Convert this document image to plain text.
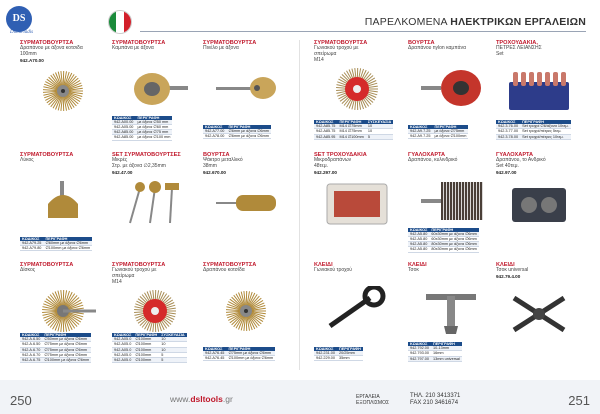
DS
Dimitriadis
ΠΑΡΕΛΚΟΜΕΝΑ ΗΛΕΚΤΡΙΚΩΝ ΕΡΓΑΛΕΙΩΝ
ΣΥΡΜΑΤΟΒΟΥΡΤΣΑ
Δραπάνου με άξονα κοτσιδα
100mm
942.A70.00
ΣΥΡΜΑΤΟΒΟΥΡΤΣΑ
Καμπάνα με άξονα
ΚΩΔΙΚΟΣ	ΠΕΡΙΓΡΑΦΗ
942.A00.00	με άξονα ∅50 mm
942.A05.00	με άξονα ∅60 mm
942.A85.00	με άξονα ∅75 mm
942.A85.00	με άξονα ∅100 mm
ΣΥΡΜΑΤΟΒΟΥΡΤΣΑ
Πινέλο με άξονα
ΚΩΔΙΚΟΣ	ΠΕΡΙΓΡΑΦΗ
942.A77.00	∅6mm με άξονα ∅6mm
942.A78.00	∅6mm με άξονα ∅6mm
ΣΥΡΜΑΤΟΒΟΥΡΤΣΑ
Γωνιακού τροχού με
σπείρωμα
M14
ΚΩΔΙΚΟΣ	ΠΕΡΙΓΡΑΦΗ	ΣΥΣΚΕΥΑΣΙΑ
942.A85.75	M14 ∅75mm	10
942.A85.75	M14 ∅75mm	10
942.A85.95	M14 ∅100mm	5
ΒΟΥΡΤΣΑ
Δραπάνου nylon καμπάνα
ΚΩΔΙΚΟΣ	ΠΕΡΙΓΡΑΦΗ
942.A9.7.25	με άξονα ∅75mm
942.A9.7.25	με άξονα ∅100mm
ΤΡΟΧΟΥΔΑΚΙΑ,
ΠΕΤΡΕΣ ΛΕΙΑΝΣΗΣ
Set
ΚΩΔΙΚΟΣ	ΠΕΡΙΓΡΑΦΗ
942.3.76.00	Set τροχοί ∅6/άξονα 10τεμ.
942.3.77.00	Set τροχοί/πέτρες 5τεμ.
942.3.78.00	Set τροχοί/πέτρες 10τεμ.
ΣΥΡΜΑΤΟΒΟΥΡΤΣΑ
Λύκος
ΚΩΔΙΚΟΣ	ΠΕΡΙΓΡΑΦΗ
942.A79.25	∅60mm με άξονα ∅6mm
942.A79.80	∅100mm με άξονα ∅6mm
SET ΣΥΡΜΑΤΟΒΟΥΡΤΣΕΣ
Μικρές
Στρ. με άξονα ∅2,35mm
942.47.00
ΒΟΥΡΤΣΑ
Ψάκτρο μεταλλικό
38mm
942.670.00
SET ΤΡΟΧΟΥΔΑΚΙΑ
Μικροδραπάνων
48τεμ.
942.297.00
ΓΥΑΛΟΧΑΡΤΑ
Δραπάνου, κυλινδρικό
ΚΩΔΙΚΟΣ	ΠΕΡΙΓΡΑΦΗ
942.A5.80	60x30mm με άξονα ∅6mm
942.A5.80	60x30mm με άξονα ∅6mm
942.A5.80	80x30mm με άξονα ∅6mm
942.A5.80	80x30mm με άξονα ∅6mm
ΓΥΑΛΟΧΑΡΤΑ
Δραπάνου, το Ανδρικό
Set 40τεμ.
942.97.00
ΣΥΡΜΑΤΟΒΟΥΡΤΣΑ
Δίσκος
ΚΩΔΙΚΟΣ	ΠΕΡΙΓΡΑΦΗ
942.A.6.50	∅50mm με άξονα ∅6mm
942.A.6.50	∅75mm με άξονα ∅6mm
942.A.6.70	∅75mm με άξονα ∅6mm
942.A.6.70	∅75mm με άξονα ∅6mm
942.A.6.75	∅100mm με άξονα ∅6mm
ΣΥΡΜΑΤΟΒΟΥΡΤΣΑ
Γωνιακού τροχού με
σπείρωμα
M14
ΚΩΔΙΚΟΣ	ΠΕΡΙΓΡΑΦΗ	ΣΥΣΚΕΥΑΣΙΑ
942.A05.0	∅100mm	10
942.A05.0	∅100mm	10
942.A05.0	∅100mm	10
942.A05.0	∅100mm	5
942.A05.0	∅100mm	5
ΣΥΡΜΑΤΟΒΟΥΡΤΣΑ
Δραπάνου κοτσίδα
ΚΩΔΙΚΟΣ	ΠΕΡΙΓΡΑΦΗ
942.A76.45	∅75mm με άξονα ∅6mm
942.A76.45	∅100mm με άξονα ∅6mm
ΚΛΕΙΔΙ
Γωνιακού τροχού
ΚΩΔΙΚΟΣ	ΠΕΡΙΓΡΑΦΗ
942.231.00	20/25mm
942.229.00	35mm
ΚΛΕΙΔΙ
Τσοκ
ΚΩΔΙΚΟΣ	ΠΕΡΙΓΡΑΦΗ
942.792.00	10-13mm
942.793.00	16mm
942.797.00	13mm universal
ΚΛΕΙΔΙ
Τσοκ universal
942.79.4.00
250	251
www.dsltools.gr	ΕΡΓΑΛΕΙΑ
ΕΞΟΠΛΙΣΜΟΣ
ΤΗΛ. 210 3413371
FAX 210 3461674
